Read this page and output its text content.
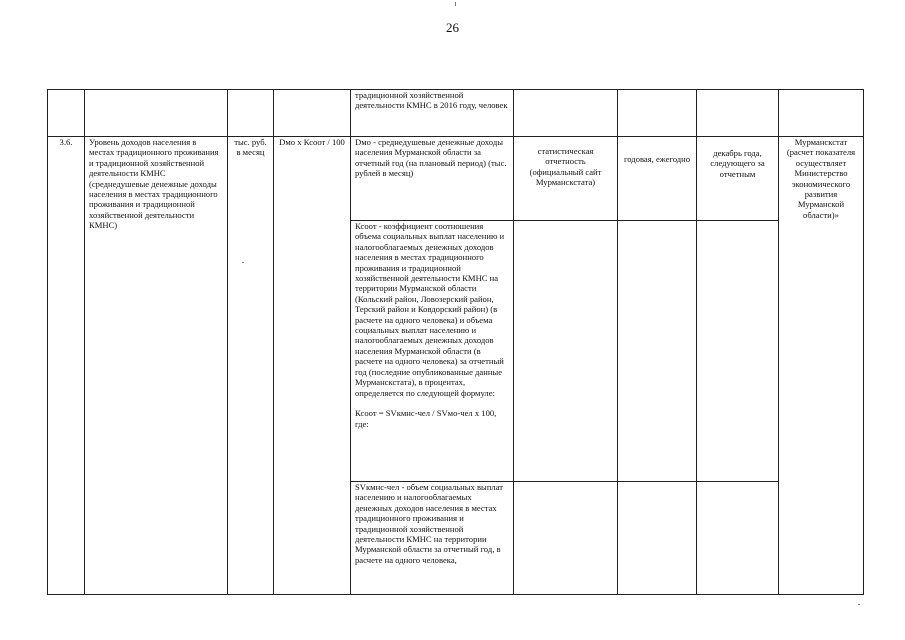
26

				традиционной хозяйственной деятельности КМНС в 2016 году, человек				

3.6.	Уровень доходов населения в местах традиционного проживания и традиционной хозяйственной деятельности КМНС (среднедушевые денежные доходы населения в местах традиционного проживания и традиционной хозяйственной деятельности КМНС)	тыс. руб. в месяц	Dмо х Ксоот / 100	Dмо - среднедушевые денежные доходы населения Мурманской области за отчетный год (на плановый период) (тыс. рублей в месяц)	статистическая отчетность (официальный сайт Мурманскстата)	годовая, ежегодно	декабрь года, следующего за отчетным	Мурманскстат (расчет показателя осуществляет Министерство экономического развития Мурманской области)»

				Ксоот - коэффициент соотношения объема социальных выплат населению и налогооблагаемых денежных доходов населения в местах традиционного проживания и традиционной хозяйственной деятельности КМНС на территории Мурманской области (Кольский район, Ловозерский район, Терский район и Ковдорский район) (в расчете на одного человека) и объема социальных выплат населению и налогооблагаемых денежных доходов населения Мурманской области (в расчете на одного человека) за отчетный год (последние опубликованные данные Мурманскстата), в процентах, определяется по следующей формуле:

Ксоот = SVкмнс-чел / SVмо-чел х 100, где:				

				SVкмнс-чел - объем социальных выплат населению и налогооблагаемых денежных доходов населения в местах традиционного проживания и традиционной хозяйственной деятельности КМНС на территории Мурманской области за отчетный год, в расчете на одного человека,				
